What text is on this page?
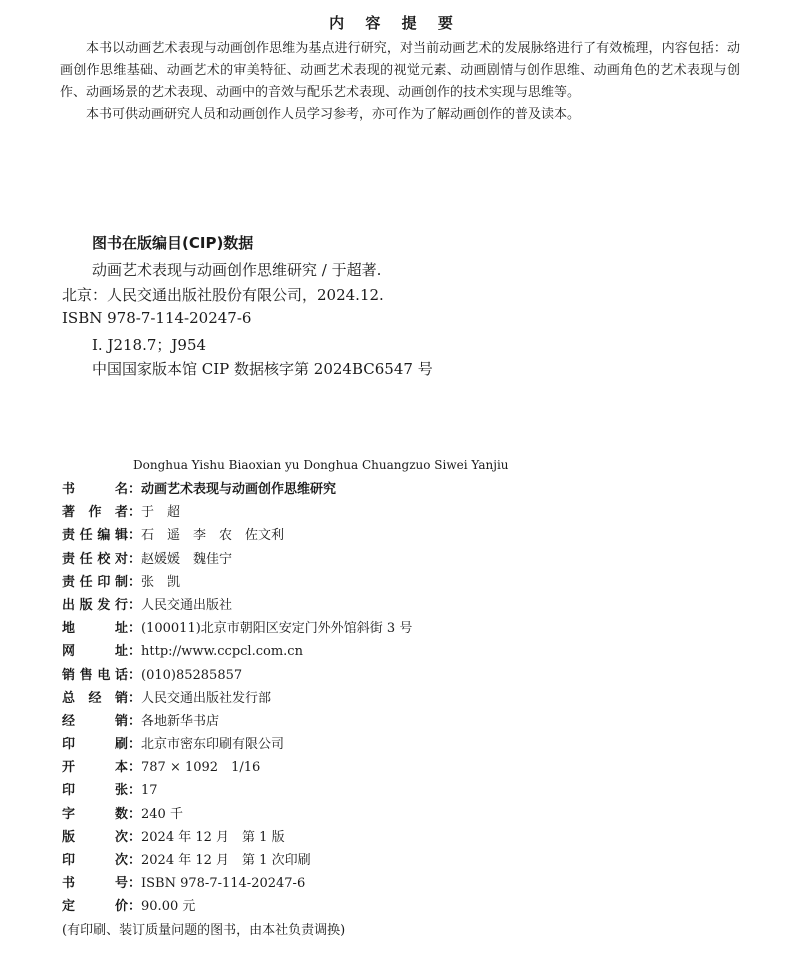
内 容 提 要
本书以动画艺术表现与动画创作思维为基点进行研究，对当前动画艺术的发展脉络进行了有效梳理，内容包括：动画创作思维基础、动画艺术的审美特征、动画艺术表现的视觉元素、动画剧情与创作思维、动画角色的艺术表现与创作、动画场景的艺术表现、动画中的音效与配乐艺术表现、动画创作的技术实现与思维等。
本书可供动画研究人员和动画创作人员学习参考，亦可作为了解动画创作的普及读本。
图书在版编目(CIP)数据
动画艺术表现与动画创作思维研究 / 于超著.
北京：人民交通出版社股份有限公司，2024.12.
ISBN 978-7-114-20247-6
Ⅰ. J218.7；J954
中国国家版本馆 CIP 数据核字第 2024BC6547 号
Donghua Yishu Biaoxian yu Donghua Chuangzuo Siwei Yanjiu
书名：动画艺术表现与动画创作思维研究
著作者：于　超
责任编辑：石　遥　李　农　佐文利
责任校对：赵媛媛　魏佳宁
责任印制：张　凯
出版发行：人民交通出版社
地址：(100011)北京市朝阳区安定门外外馆斜街 3 号
网址：http://www.ccpcl.com.cn
销售电话：(010)85285857
总经销：人民交通出版社发行部
经销：各地新华书店
印刷：北京市密东印刷有限公司
开本：787 × 1092　1/16
印张：17
字数：240 千
版次：2024 年 12 月　第 1 版
印次：2024 年 12 月　第 1 次印刷
书号：ISBN 978-7-114-20247-6
定价：90.00 元
(有印刷、装订质量问题的图书，由本社负责调换)
